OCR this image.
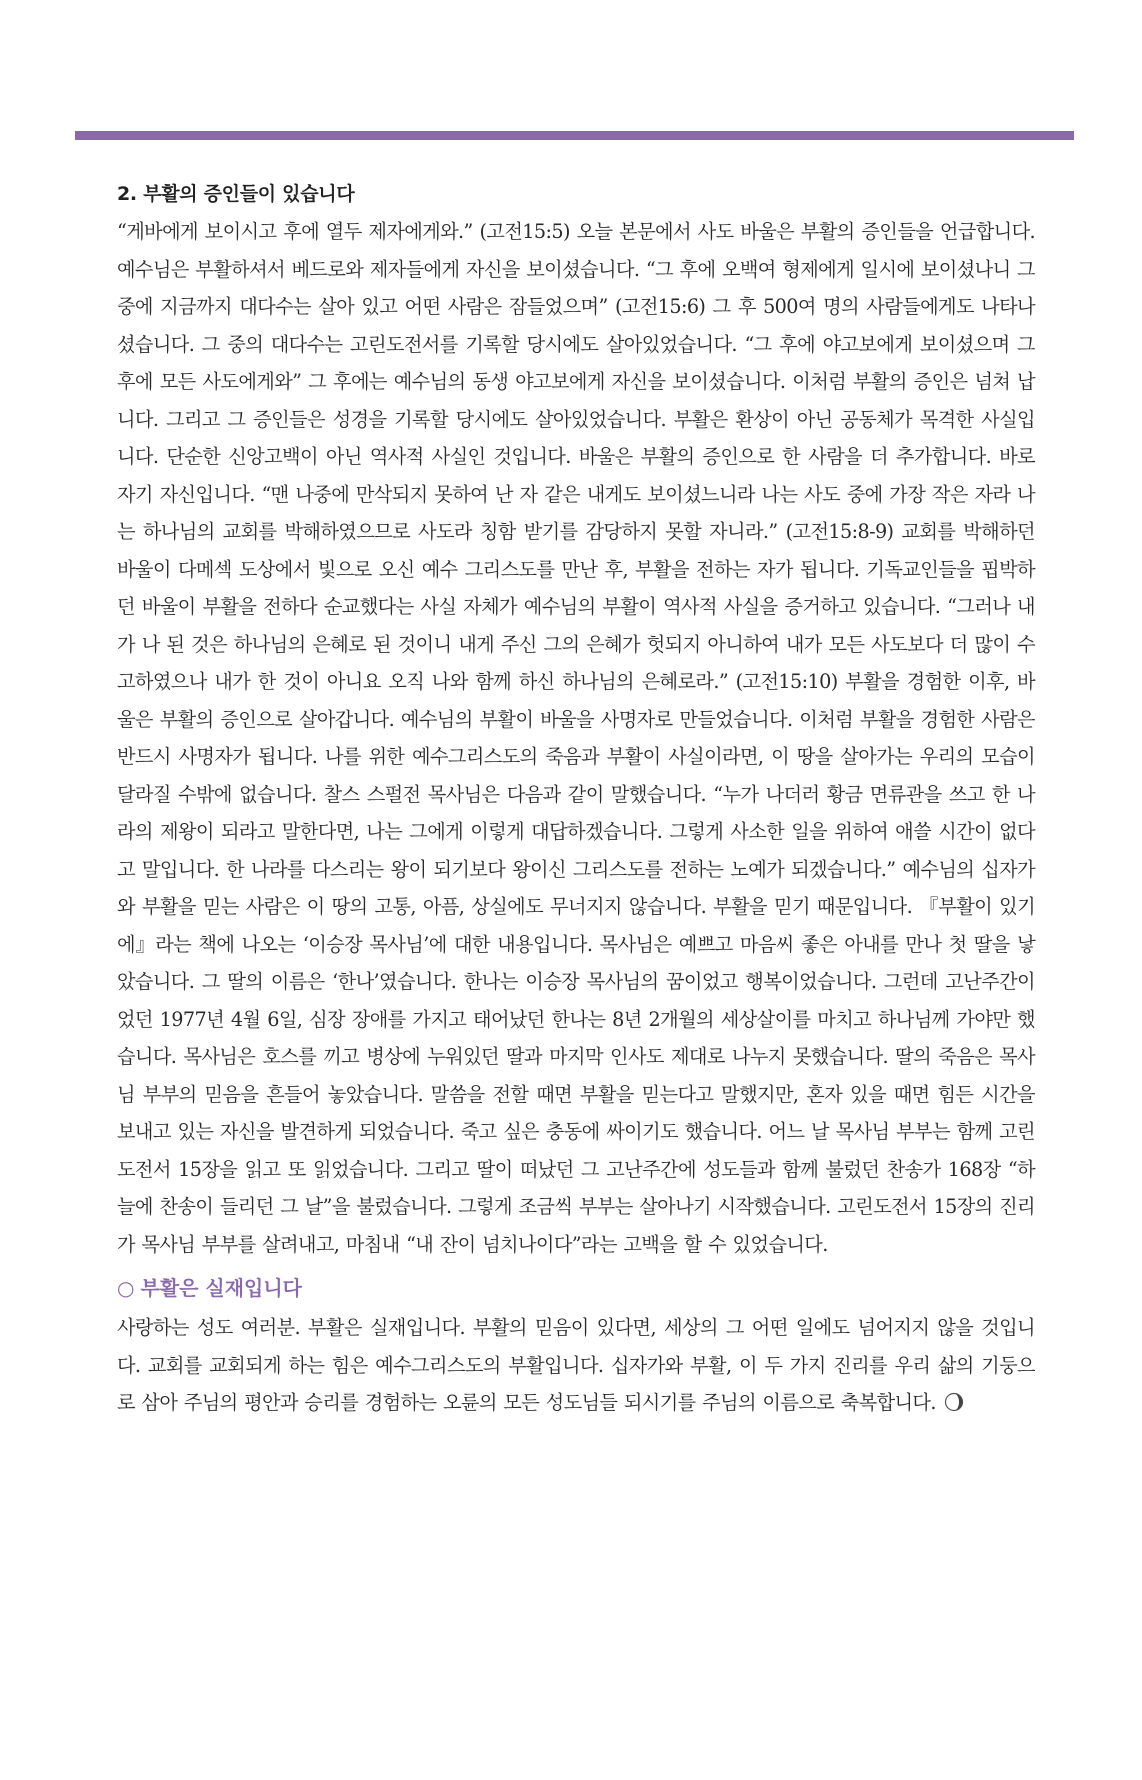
2. 부활의 증인들이 있습니다

“게바에게 보이시고 후에 열두 제자에게와.” (고전15:5) 오늘 본문에서 사도 바울은 부활의 증인들을 언급합니다. 예수님은 부활하셔서 베드로와 제자들에게 자신을 보이셨습니다. “그 후에 오백여 형제에게 일시에 보이셨나니 그 중에 지금까지 대다수는 살아 있고 어떤 사람은 잠들었으며” (고전15:6) 그 후 500여 명의 사람들에게도 나타나셨습니다. 그 중의 대다수는 고린도전서를 기록할 당시에도 살아있었습니다. “그 후에 야고보에게 보이셨으며 그 후에 모든 사도에게와” 그 후에는 예수님의 동생 야고보에게 자신을 보이셨습니다. 이처럼 부활의 증인은 넘쳐 납니다. 그리고 그 증인들은 성경을 기록할 당시에도 살아있었습니다. 부활은 환상이 아닌 공동체가 목격한 사실입니다. 단순한 신앙고백이 아닌 역사적 사실인 것입니다. 바울은 부활의 증인으로 한 사람을 더 추가합니다. 바로 자기 자신입니다. “맨 나중에 만삭되지 못하여 난 자 같은 내게도 보이셨느니라 나는 사도 중에 가장 작은 자라 나는 하나님의 교회를 박해하였으므로 사도라 칭함 받기를 감당하지 못할 자니라.” (고전15:8-9) 교회를 박해하던 바울이 다메섹 도상에서 빛으로 오신 예수 그리스도를 만난 후, 부활을 전하는 자가 됩니다. 기독교인들을 핍박하던 바울이 부활을 전하다 순교했다는 사실 자체가 예수님의 부활이 역사적 사실을 증거하고 있습니다. “그러나 내가 나 된 것은 하나님의 은혜로 된 것이니 내게 주신 그의 은혜가 헛되지 아니하여 내가 모든 사도보다 더 많이 수고하였으나 내가 한 것이 아니요 오직 나와 함께 하신 하나님의 은혜로라.” (고전15:10) 부활을 경험한 이후, 바울은 부활의 증인으로 살아갑니다. 예수님의 부활이 바울을 사명자로 만들었습니다. 이처럼 부활을 경험한 사람은 반드시 사명자가 됩니다. 나를 위한 예수그리스도의 죽음과 부활이 사실이라면, 이 땅을 살아가는 우리의 모습이 달라질 수밖에 없습니다. 찰스 스펄전 목사님은 다음과 같이 말했습니다. “누가 나더러 황금 면류관을 쓰고 한 나라의 제왕이 되라고 말한다면, 나는 그에게 이렇게 대답하겠습니다. 그렇게 사소한 일을 위하여 애쓸 시간이 없다고 말입니다. 한 나라를 다스리는 왕이 되기보다 왕이신 그리스도를 전하는 노예가 되겠습니다.” 예수님의 십자가와 부활을 믿는 사람은 이 땅의 고통, 아픔, 상실에도 무너지지 않습니다. 부활을 믿기 때문입니다. 『부활이 있기에』라는 책에 나오는 ‘이승장 목사님’에 대한 내용입니다. 목사님은 예쁘고 마음씨 좋은 아내를 만나 첫 딸을 낳았습니다. 그 딸의 이름은 ‘한나’였습니다. 한나는 이승장 목사님의 꿈이었고 행복이었습니다. 그런데 고난주간이었던 1977년 4월 6일, 심장 장애를 가지고 태어났던 한나는 8년 2개월의 세상살이를 마치고 하나님께 가야만 했습니다. 목사님은 호스를 끼고 병상에 누워있던 딸과 마지막 인사도 제대로 나누지 못했습니다. 딸의 죽음은 목사님 부부의 믿음을 흔들어 놓았습니다. 말씀을 전할 때면 부활을 믿는다고 말했지만, 혼자 있을 때면 힘든 시간을 보내고 있는 자신을 발견하게 되었습니다. 죽고 싶은 충동에 싸이기도 했습니다. 어느 날 목사님 부부는 함께 고린도전서 15장을 읽고 또 읽었습니다. 그리고 딸이 떠났던 그 고난주간에 성도들과 함께 불렀던 찬송가 168장 “하늘에 찬송이 들리던 그 날”을 불렀습니다. 그렇게 조금씩 부부는 살아나기 시작했습니다. 고린도전서 15장의 진리가 목사님 부부를 살려내고, 마침내 “내 잔이 넘치나이다”라는 고백을 할 수 있었습니다.

○ 부활은 실재입니다

사랑하는 성도 여러분. 부활은 실재입니다. 부활의 믿음이 있다면, 세상의 그 어떤 일에도 넘어지지 않을 것입니다. 교회를 교회되게 하는 힘은 예수그리스도의 부활입니다. 십자가와 부활, 이 두 가지 진리를 우리 삶의 기둥으로 삼아 주님의 평안과 승리를 경험하는 오륜의 모든 성도님들 되시기를 주님의 이름으로 축복합니다.
